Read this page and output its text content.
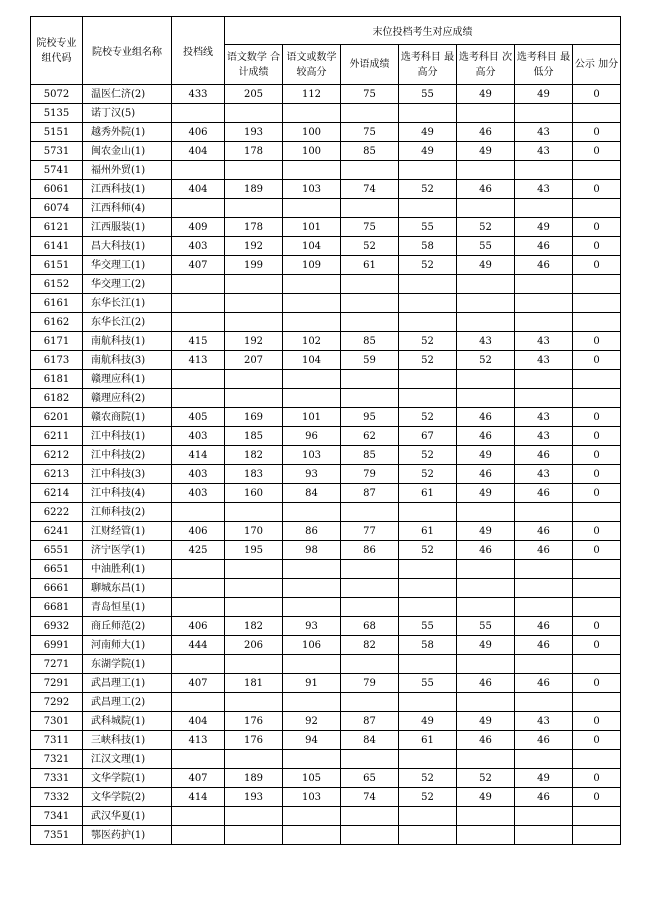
院校专业 组代码	院校专业组名称	投档线	末位投档考生对应成绩						
			语文数学 合计成绩	语文或数学 较高分	外语成绩	选考科目 最高分	选考科目 次高分	选考科目 最低分	公示 加分
5072	温医仁济(2)	433	205	112	75	55	49	49	0
5135	诺丁汉(5)								
5151	越秀外院(1)	406	193	100	75	49	46	43	0
5731	闽农金山(1)	404	178	100	85	49	49	43	0
5741	福州外贸(1)								
6061	江西科技(1)	404	189	103	74	52	46	43	0
6074	江西科师(4)								
6121	江西服装(1)	409	178	101	75	55	52	49	0
6141	昌大科技(1)	403	192	104	52	58	55	46	0
6151	华交理工(1)	407	199	109	61	52	49	46	0
6152	华交理工(2)								
6161	东华长江(1)								
6162	东华长江(2)								
6171	南航科技(1)	415	192	102	85	52	43	43	0
6173	南航科技(3)	413	207	104	59	52	52	43	0
6181	赣理应科(1)								
6182	赣理应科(2)								
6201	赣农商院(1)	405	169	101	95	52	46	43	0
6211	江中科技(1)	403	185	96	62	67	46	43	0
6212	江中科技(2)	414	182	103	85	52	49	46	0
6213	江中科技(3)	403	183	93	79	52	46	43	0
6214	江中科技(4)	403	160	84	87	61	49	46	0
6222	江师科技(2)								
6241	江财经管(1)	406	170	86	77	61	49	46	0
6551	济宁医学(1)	425	195	98	86	52	46	46	0
6651	中油胜利(1)								
6661	聊城东昌(1)								
6681	青岛恒星(1)								
6932	商丘师范(2)	406	182	93	68	55	55	46	0
6991	河南师大(1)	444	206	106	82	58	49	46	0
7271	东湖学院(1)								
7291	武昌理工(1)	407	181	91	79	55	46	46	0
7292	武昌理工(2)								
7301	武科城院(1)	404	176	92	87	49	49	43	0
7311	三峡科技(1)	413	176	94	84	61	46	46	0
7321	江汉文理(1)								
7331	文华学院(1)	407	189	105	65	52	52	49	0
7332	文华学院(2)	414	193	103	74	52	49	46	0
7341	武汉华夏(1)								
7351	鄂医药护(1)								
